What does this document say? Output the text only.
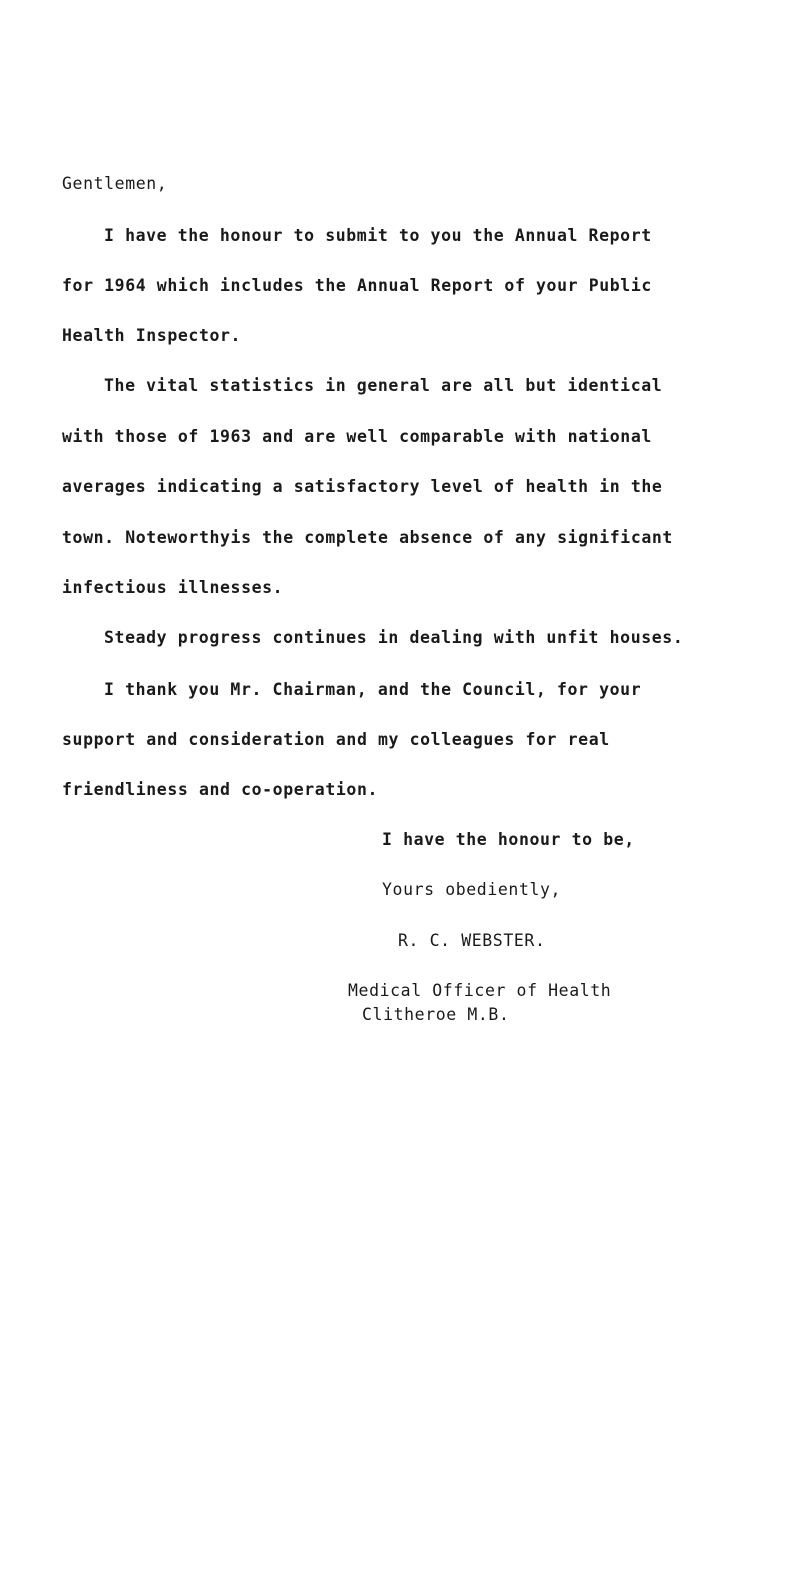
Gentlemen,
I have the honour to submit to you the Annual Report
for 1964 which includes the Annual Report of your Public
Health Inspector.
The vital statistics in general are all but identical
with those of 1963 and are well comparable with national
averages indicating a satisfactory level of health in the
town. Noteworthyis the complete absence of any significant
infectious illnesses.
Steady progress continues in dealing with unfit houses.
I thank you Mr. Chairman, and the Council, for your
support and consideration and my colleagues for real
friendliness and co-operation.
I have the honour to be,
Yours obediently,
R. C. WEBSTER.
Medical Officer of Health
Clitheroe M.B.
